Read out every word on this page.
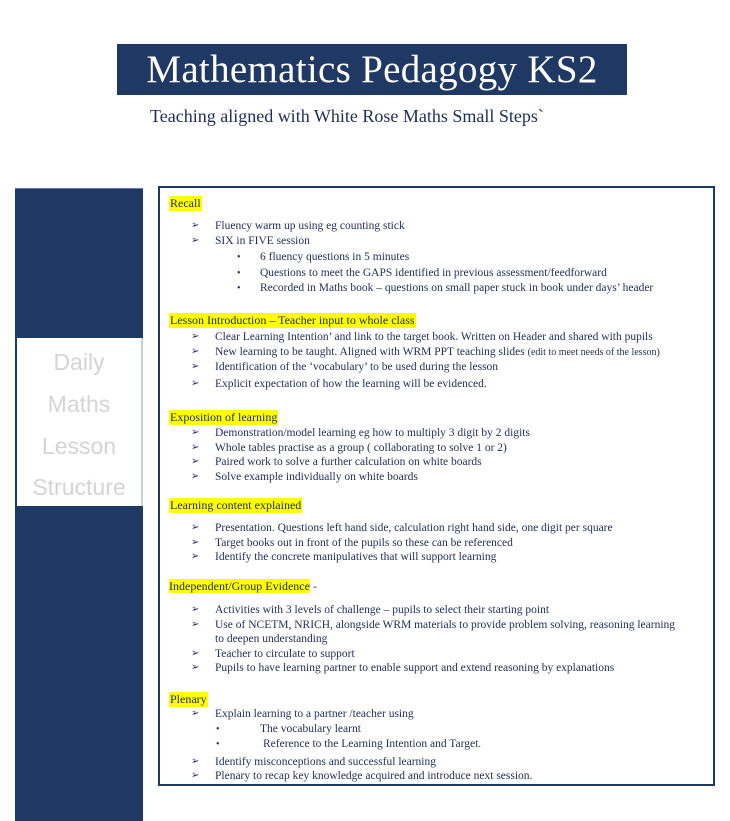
Mathematics Pedagogy KS2
Teaching aligned with White Rose Maths Small Steps`
Daily
Maths
Lesson
Structure
Recall
➢ Fluency warm up using eg counting stick
➢ SIX in FIVE session
• 6 fluency questions in 5 minutes
• Questions to meet the GAPS identified in previous assessment/feedforward
• Recorded in Maths book – questions on small paper stuck in book under days’ header
Lesson Introduction – Teacher input to whole class
➢ Clear Learning Intention’ and link to the target book. Written on Header and shared with pupils
➢ New learning to be taught. Aligned with WRM PPT teaching slides (edit to meet needs of the lesson)
➢ Identification of the ‘vocabulary’ to be used during the lesson
➢ Explicit expectation of how the learning will be evidenced.
Exposition of learning
➢ Demonstration/model learning eg how to multiply 3 digit by 2 digits
➢ Whole tables practise as a group ( collaborating to solve 1 or 2)
➢ Paired work to solve a further calculation on white boards
➢ Solve example individually on white boards
Learning content explained
➢ Presentation. Questions left hand side, calculation right hand side, one digit per square
➢ Target books out in front of the pupils so these can be referenced
➢ Identify the concrete manipulatives that will support learning
Independent/Group Evidence -
➢ Activities with 3 levels of challenge – pupils to select their starting point
➢ Use of NCETM, NRICH, alongside WRM materials to provide problem solving, reasoning learning to deepen understanding
➢ Teacher to circulate to support
➢ Pupils to have learning partner to enable support and extend reasoning by explanations
Plenary
➢ Explain learning to a partner /teacher using
•	The vocabulary learnt
•	Reference to the Learning Intention and Target.
➢ Identify misconceptions and successful learning
➢ Plenary to recap key knowledge acquired and introduce next session.
